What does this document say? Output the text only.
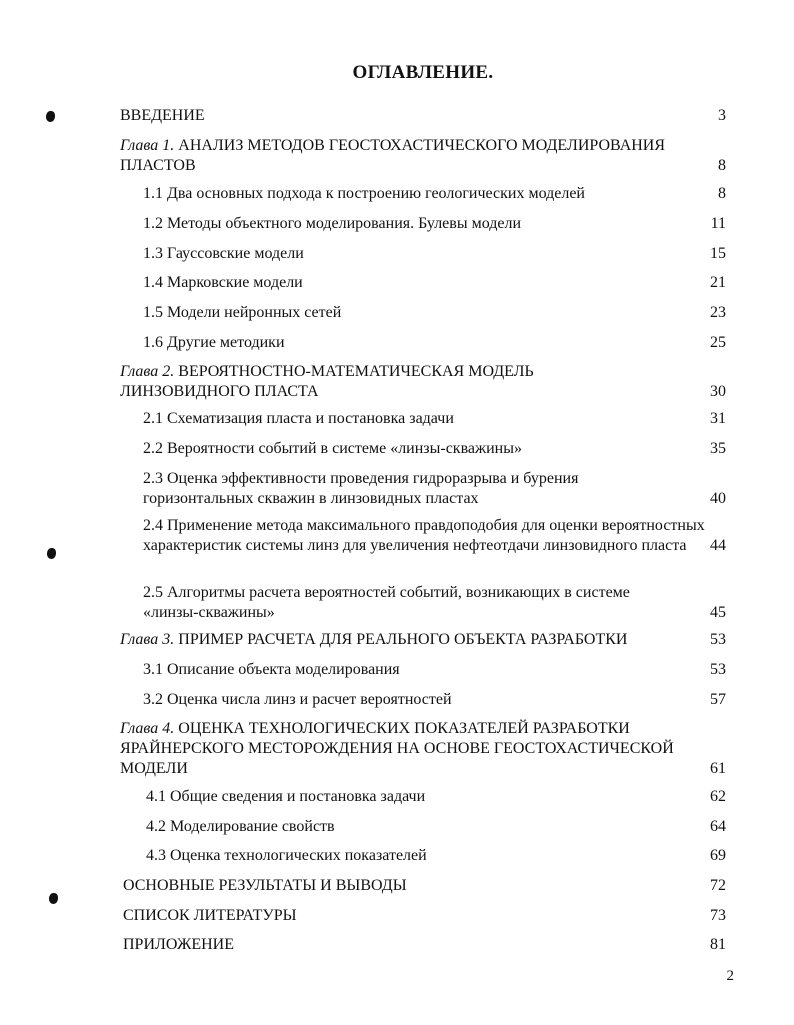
ОГЛАВЛЕНИЕ.
ВВЕДЕНИЕ	3
Глава 1. АНАЛИЗ МЕТОДОВ ГЕОСТОХАСТИЧЕСКОГО МОДЕЛИРОВАНИЯ ПЛАСТОВ	8
1.1 Два основных подхода к построению геологических моделей	8
1.2 Методы объектного моделирования. Булевы модели	11
1.3 Гауссовские модели	15
1.4 Марковские модели	21
1.5 Модели нейронных сетей	23
1.6 Другие методики	25
Глава 2. ВЕРОЯТНОСТНО-МАТЕМАТИЧЕСКАЯ МОДЕЛЬ ЛИНЗОВИДНОГО ПЛАСТА	30
2.1 Схематизация пласта и постановка задачи	31
2.2 Вероятности событий в системе «линзы-скважины»	35
2.3 Оценка эффективности проведения гидроразрыва и бурения горизонтальных скважин в линзовидных пластах	40
2.4 Применение метода максимального правдоподобия для оценки вероятностных характеристик системы линз для увеличения нефтеотдачи линзовидного пласта	44
2.5 Алгоритмы расчета вероятностей событий, возникающих в системе «линзы-скважины»	45
Глава 3. ПРИМЕР РАСЧЕТА ДЛЯ РЕАЛЬНОГО ОБЪЕКТА РАЗРАБОТКИ	53
3.1 Описание объекта моделирования	53
3.2 Оценка числа линз и расчет вероятностей	57
Глава 4. ОЦЕНКА ТЕХНОЛОГИЧЕСКИХ ПОКАЗАТЕЛЕЙ РАЗРАБОТКИ ЯРАЙНЕРСКОГО МЕСТОРОЖДЕНИЯ НА ОСНОВЕ ГЕОСТОХАСТИЧЕСКОЙ МОДЕЛИ	61
4.1 Общие сведения и постановка задачи	62
4.2 Моделирование свойств	64
4.3 Оценка технологических показателей	69
ОСНОВНЫЕ РЕЗУЛЬТАТЫ И ВЫВОДЫ	72
СПИСОК ЛИТЕРАТУРЫ	73
ПРИЛОЖЕНИЕ	81
2
